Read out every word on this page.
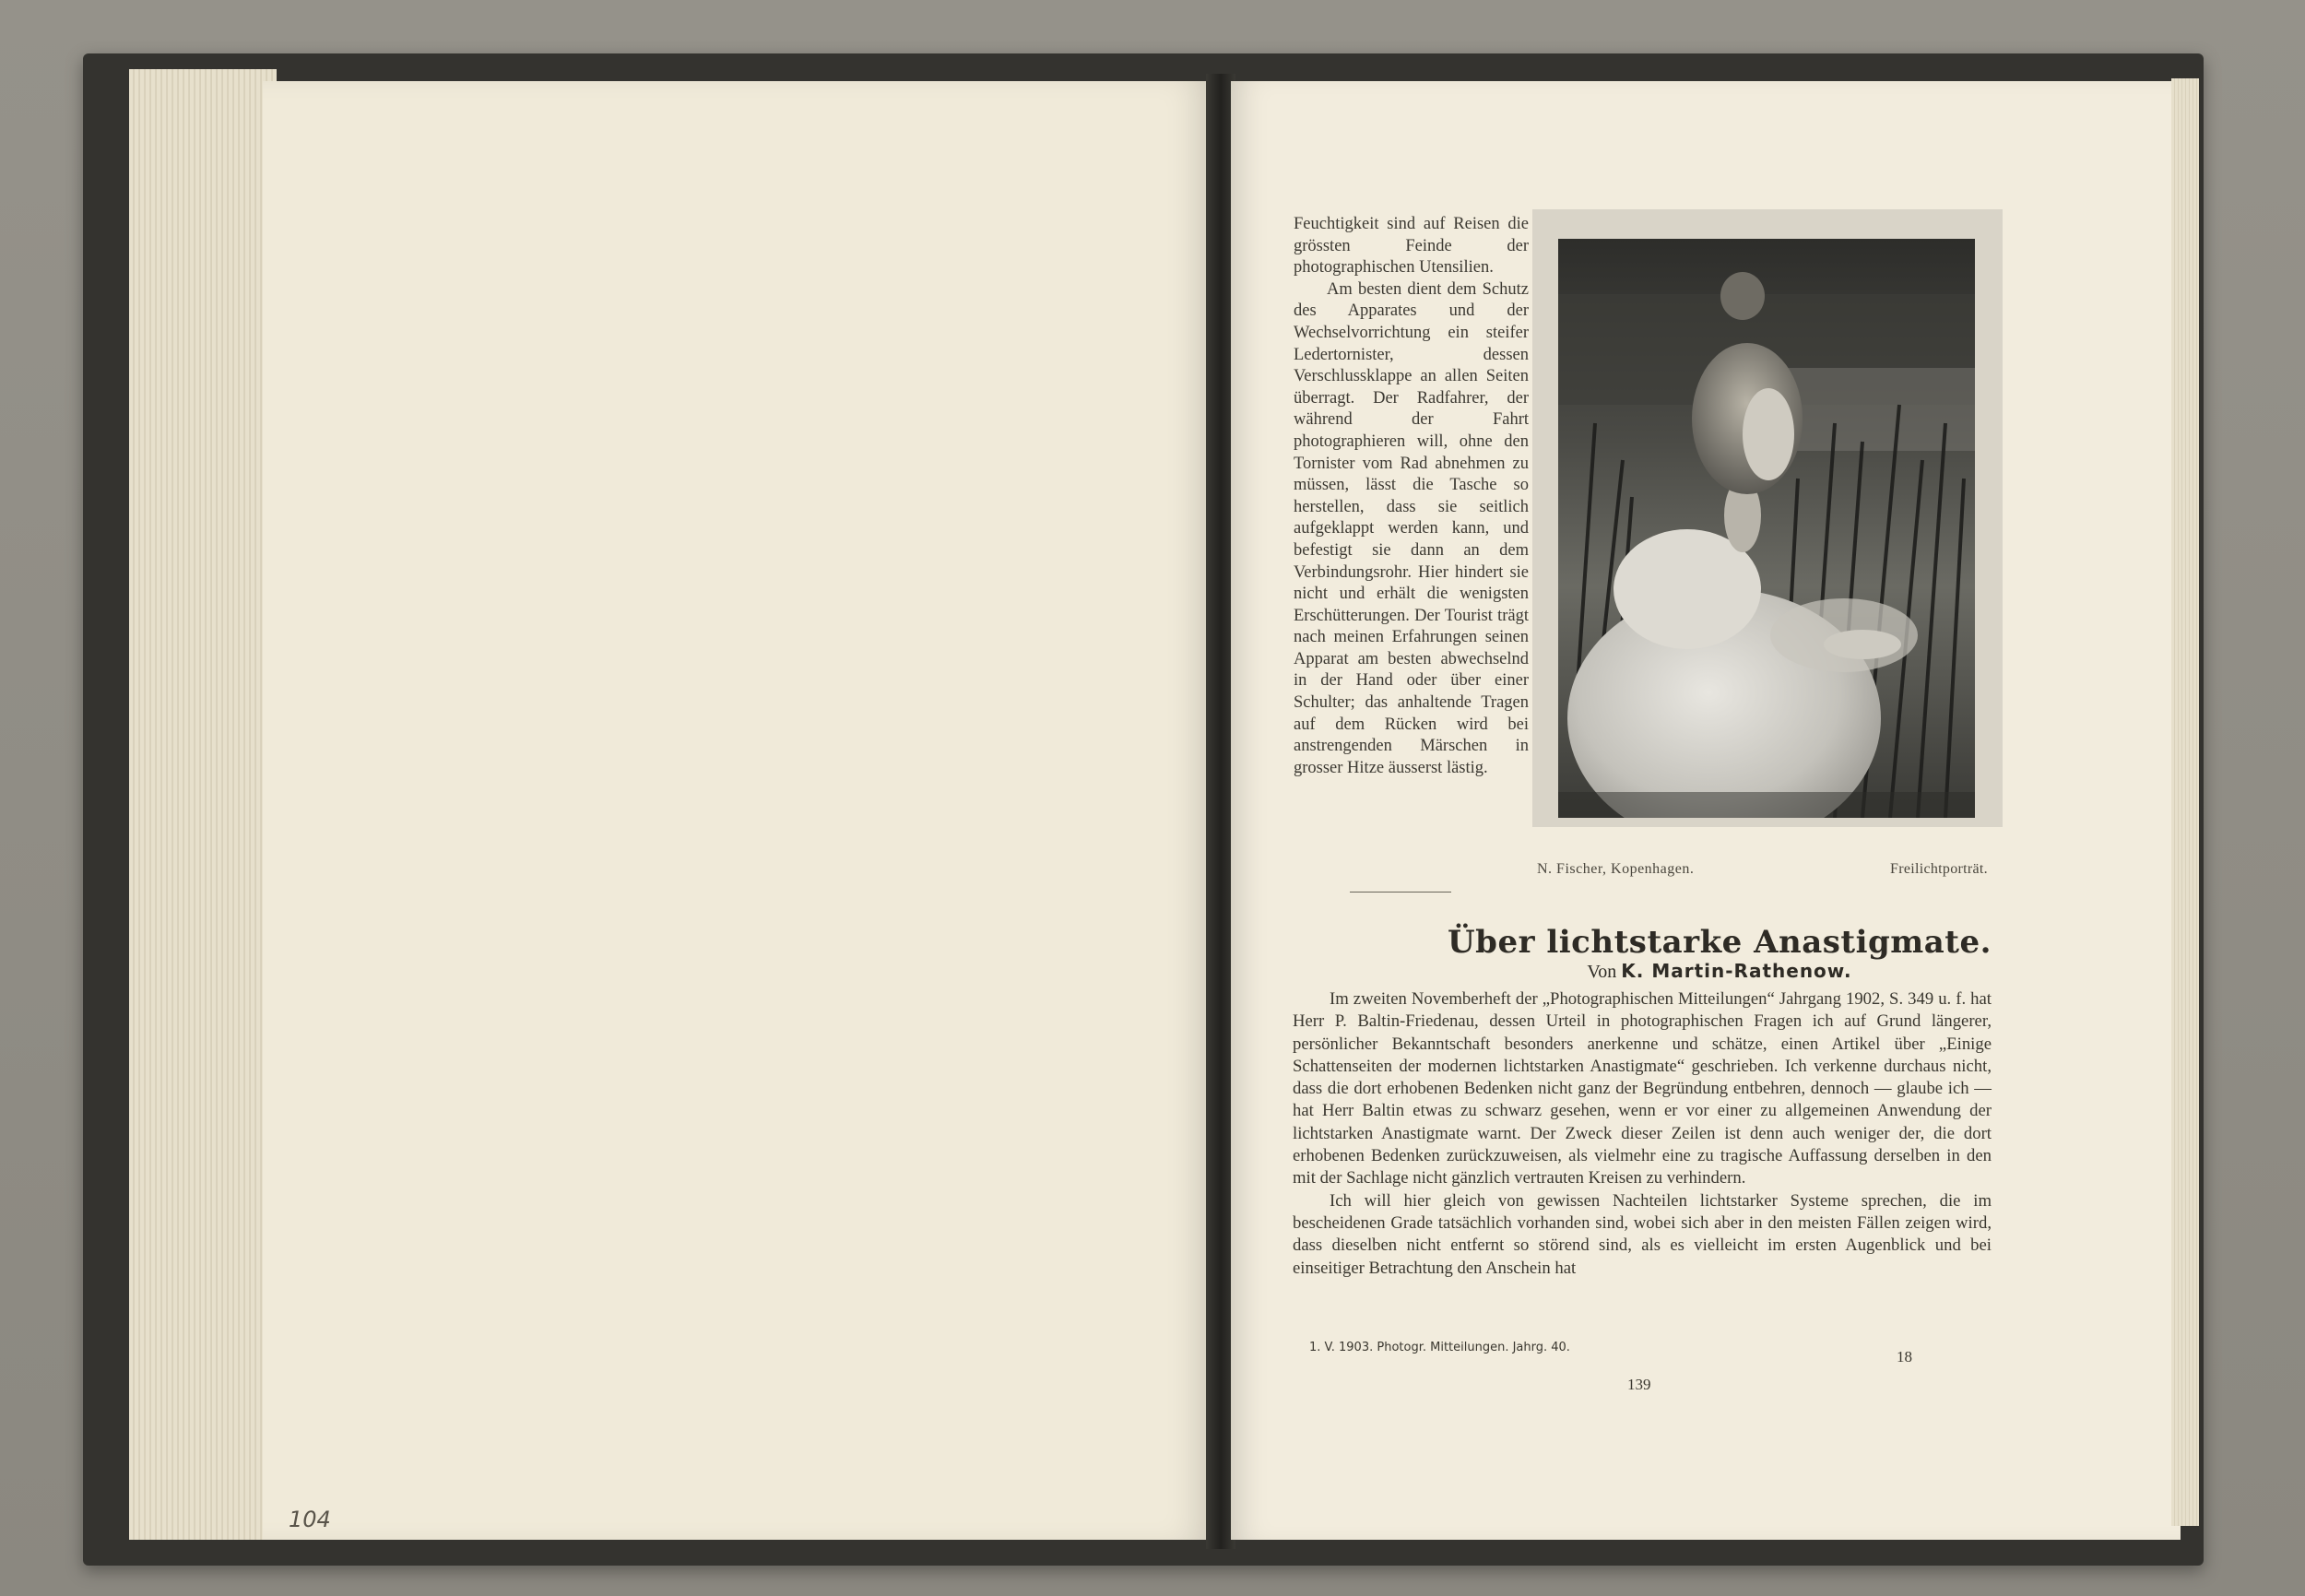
104

Feuchtigkeit sind auf Reisen die grössten Feinde der photographischen Utensilien.

Am besten dient dem Schutz des Apparates und der Wechselvorrichtung ein steifer Ledertornister, dessen Verschlussklappe an allen Seiten überragt. Der Radfahrer, der während der Fahrt photographieren will, ohne den Tornister vom Rad abnehmen zu müssen, lässt die Tasche so herstellen, dass sie seitlich aufgeklappt werden kann, und befestigt sie dann an dem Verbindungsrohr. Hier hindert sie nicht und erhält die wenigsten Erschütterungen. Der Tourist trägt nach meinen Erfahrungen seinen Apparat am besten abwechselnd in der Hand oder über einer Schulter; das anhaltende Tragen auf dem Rücken wird bei anstrengenden Märschen in grosser Hitze äusserst lästig.

N. Fischer, Kopenhagen.	Freilichtporträt.
Über lichtstarke Anastigmate.
Von K. Martin-Rathenow.

Im zweiten Novemberheft der „Photographischen Mitteilungen“ Jahrgang 1902, S. 349 u. f. hat Herr P. Baltin-Friedenau, dessen Urteil in photographischen Fragen ich auf Grund längerer, persönlicher Bekanntschaft besonders anerkenne und schätze, einen Artikel über „Einige Schattenseiten der modernen lichtstarken Anastigmate“ geschrieben. Ich verkenne durchaus nicht, dass die dort erhobenen Bedenken nicht ganz der Begründung entbehren, dennoch — glaube ich — hat Herr Baltin etwas zu schwarz gesehen, wenn er vor einer zu allgemeinen Anwendung der lichtstarken Anastigmate warnt. Der Zweck dieser Zeilen ist denn auch weniger der, die dort erhobenen Bedenken zurückzuweisen, als vielmehr eine zu tragische Auffassung derselben in den mit der Sachlage nicht gänzlich vertrauten Kreisen zu verhindern.

Ich will hier gleich von gewissen Nachteilen lichtstarker Systeme sprechen, die im bescheidenen Grade tatsächlich vorhanden sind, wobei sich aber in den meisten Fällen zeigen wird, dass dieselben nicht entfernt so störend sind, als es vielleicht im ersten Augenblick und bei einseitiger Betrachtung den Anschein hat

1. V. 1903. Photogr. Mitteilungen. Jahrg. 40.
18
139
